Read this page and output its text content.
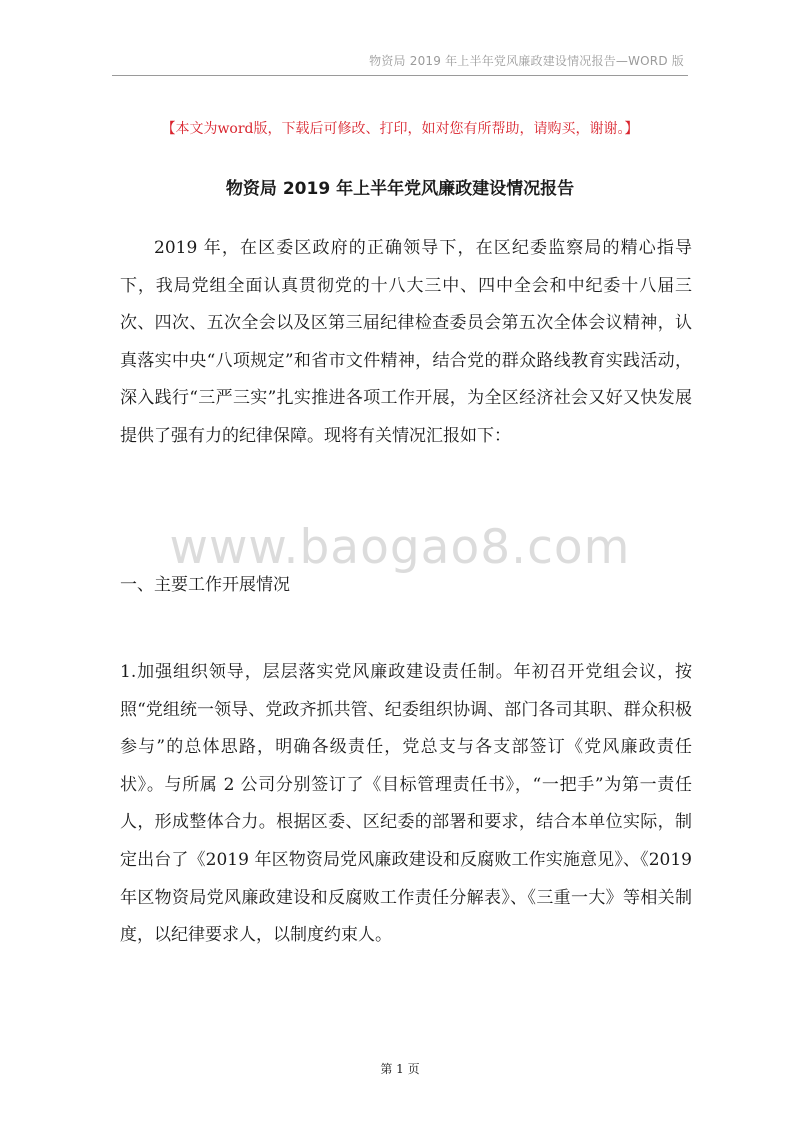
物资局 2019 年上半年党风廉政建设情况报告—WORD 版
【本文为word版，下载后可修改、打印，如对您有所帮助，请购买，谢谢。】
物资局 2019 年上半年党风廉政建设情况报告

2019 年，在区委区政府的正确领导下，在区纪委监察局的精心指导下，我局党组全面认真贯彻党的十八大三中、四中全会和中纪委十八届三次、四次、五次全会以及区第三届纪律检查委员会第五次全体会议精神，认真落实中央“八项规定”和省市文件精神，结合党的群众路线教育实践活动，深入践行“三严三实”扎实推进各项工作开展，为全区经济社会又好又快发展提供了强有力的纪律保障。现将有关情况汇报如下：

www.baogao8.com
一、主要工作开展情况

1.加强组织领导，层层落实党风廉政建设责任制。年初召开党组会议，按照“党组统一领导、党政齐抓共管、纪委组织协调、部门各司其职、群众积极参与”的总体思路，明确各级责任，党总支与各支部签订《党风廉政责任状》。与所属 2 公司分别签订了《目标管理责任书》，“一把手”为第一责任人，形成整体合力。根据区委、区纪委的部署和要求，结合本单位实际，制定出台了《2019 年区物资局党风廉政建设和反腐败工作实施意见》、《2019 年区物资局党风廉政建设和反腐败工作责任分解表》、《三重一大》等相关制度，以纪律要求人，以制度约束人。

第 1 页
